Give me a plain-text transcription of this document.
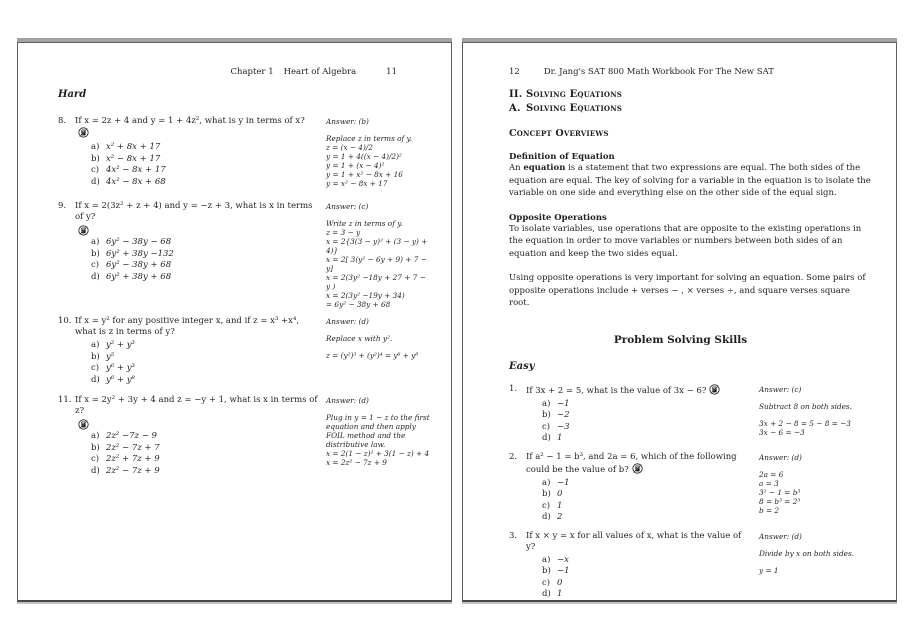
Chapter 1 Heart of Algebra	11
Hard
8.	If x = 2z + 4 and y = 1 + 4z², what is y in terms of x?
a) x² + 8x + 17
b) x² − 8x + 17
c) 4x² − 8x + 17
d) 4x² − 8x + 68
Answer: (b)
Replace z in terms of y.
z = (x − 4)/2
y = 1 + 4((x − 4)/2)²
y = 1 + (x − 4)²
y = 1 + x² − 8x + 16
y = x² − 8x + 17
9.	If x = 2(3z² + z + 4) and y = −z + 3, what is x in terms of y?
a) 6y² − 38y − 68
b) 6y² + 38y −132
c) 6y² − 38y + 68
d) 6y² + 38y + 68
Answer: (c)
Write z in terms of y.
z = 3 − y
x = 2{3(3 − y)² + (3 − y) + 4)}
x = 2[ 3(y² − 6y + 9) + 7 − y]
x = 2(3y² −18y + 27 + 7 − y )
x = 2(3y² −19y + 34)
= 6y² − 38y + 68
10. If x = y² for any positive integer x, and if z = x³ +x⁴, what is z in terms of y?
a) y² + y³
b) y⁵
c) y⁶ + y³
d) y⁶ + y⁸
Answer: (d)
Replace x with y².
z = (y²)³ + (y²)⁴ = y⁶ + y⁸
11. If x = 2y² + 3y + 4 and z = −y + 1, what is x in terms of z?
a) 2z² −7z − 9
b) 2z² − 7z + 7
c) 2z² + 7z + 9
d) 2z² − 7z + 9
Answer: (d)
Plug in y = 1 − z to the first equation and then apply FOIL method and the distributive law.
x = 2(1 − z)² + 3(1 − z) + 4
x = 2z² − 7z + 9
12	Dr. Jang's SAT 800 Math Workbook For The New SAT
II. Solving Equations
A. Solving Equations
Concept Overviews
Definition of Equation
An equation is a statement that two expressions are equal. The both sides of the equation are equal. The key of solving for a variable in the equation is to isolate the variable on one side and everything else on the other side of the equal sign.
Opposite Operations
To isolate variables, use operations that are opposite to the existing operations in the equation in order to move variables or numbers between both sides of an equation and keep the two sides equal.
Using opposite operations is very important for solving an equation. Some pairs of opposite operations include + verses − , × verses ÷, and square verses square root.
Problem Solving Skills
Easy
1.	If 3x + 2 = 5, what is the value of 3x − 6?
a) −1
b) −2
c) −3
d) 1
Answer: (c)
Subtract 8 on both sides.
3x + 2 − 8 = 5 − 8 = −3
3x − 6 = −3
2.	If a² − 1 = b³, and 2a = 6, which of the following could be the value of b?
a) −1
b) 0
c) 1
d) 2
Answer: (d)
2a = 6
a = 3
3² − 1 = b³
8 = b³ = 2³
b = 2
3.	If x × y = x for all values of x, what is the value of y?
a) −x
b) −1
c) 0
d) 1
Answer: (d)
Divide by x on both sides.
y = 1
